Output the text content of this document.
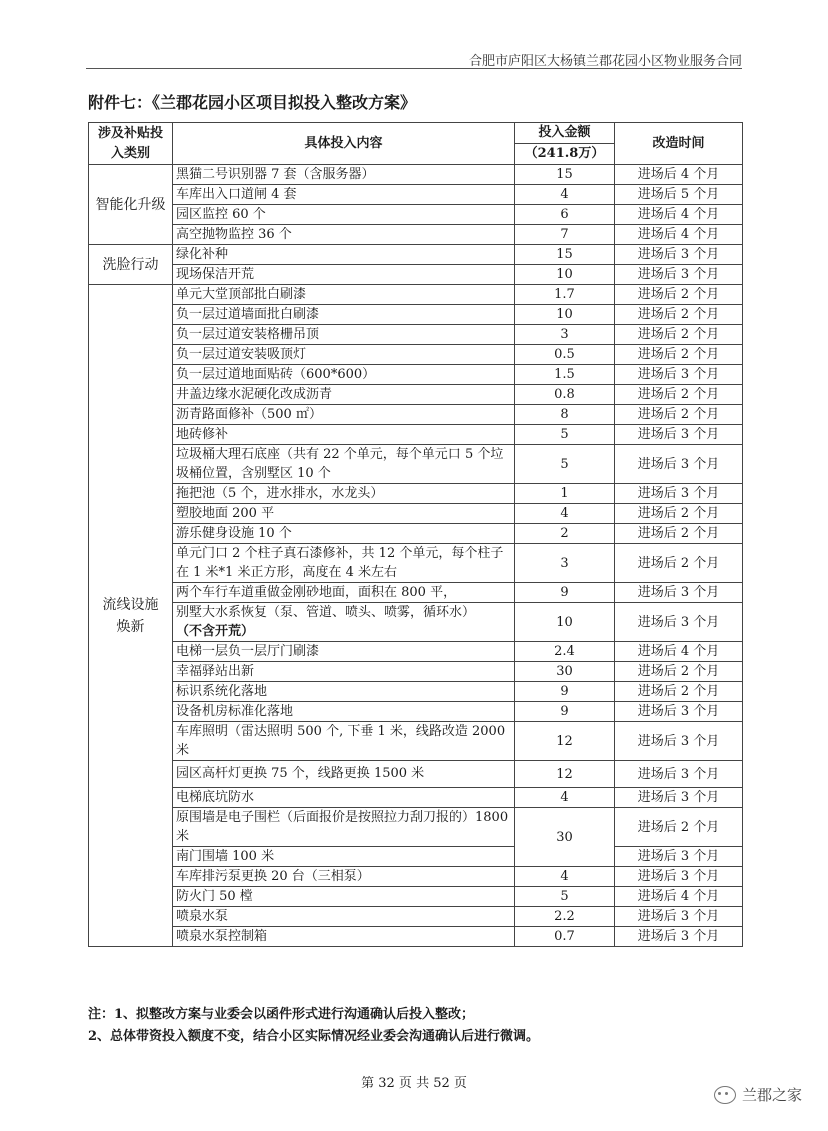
合肥市庐阳区大杨镇兰郡花园小区物业服务合同
附件七：《兰郡花园小区项目拟投入整改方案》
涉及补贴投入类别	具体投入内容	投入金额	改造时间
		（241.8万）	
智能化升级	黑猫二号识别器 7 套（含服务器）	15	进场后 4 个月
	车库出入口道闸 4 套	4	进场后 5 个月
	园区监控 60 个	6	进场后 4 个月
	高空抛物监控 36 个	7	进场后 4 个月
洗脸行动	绿化补种	15	进场后 3 个月
	现场保洁开荒	10	进场后 3 个月
流线设施焕新	单元大堂顶部批白刷漆	1.7	进场后 2 个月
	负一层过道墙面批白刷漆	10	进场后 2 个月
	负一层过道安装格栅吊顶	3	进场后 2 个月
	负一层过道安装吸顶灯	0.5	进场后 2 个月
	负一层过道地面贴砖（600*600）	1.5	进场后 3 个月
	井盖边缘水泥硬化改成沥青	0.8	进场后 2 个月
	沥青路面修补（500 ㎡）	8	进场后 2 个月
	地砖修补	5	进场后 3 个月
	垃圾桶大理石底座（共有 22 个单元，每个单元口 5 个垃圾桶位置，含别墅区 10 个	5	进场后 3 个月
	拖把池（5 个，进水排水，水龙头）	1	进场后 3 个月
	塑胶地面 200 平	4	进场后 2 个月
	游乐健身设施 10 个	2	进场后 2 个月
	单元门口 2 个柱子真石漆修补，共 12 个单元，每个柱子在 1 米*1 米正方形，高度在 4 米左右	3	进场后 2 个月
	两个车行车道重做金刚砂地面，面积在 800 平，	9	进场后 3 个月
	别墅大水系恢复（泵、管道、喷头、喷雾，循环水）
（不含开荒）	10	进场后 3 个月
	电梯一层负一层厅门刷漆	2.4	进场后 4 个月
	幸福驿站出新	30	进场后 2 个月
	标识系统化落地	9	进场后 2 个月
	设备机房标准化落地	9	进场后 3 个月
	车库照明（雷达照明 500 个, 下垂 1 米，线路改造 2000 米	12	进场后 3 个月
	园区高杆灯更换 75 个，线路更换 1500 米	12	进场后 3 个月
	电梯底坑防水	4	进场后 3 个月
	原围墙是电子围栏（后面报价是按照拉力刮刀报的）1800 米	30	进场后 2 个月
	南门围墙 100 米		进场后 3 个月
	车库排污泵更换 20 台（三相泵）	4	进场后 3 个月
	防火门 50 樘	5	进场后 4 个月
	喷泉水泵	2.2	进场后 3 个月
	喷泉水泵控制箱	0.7	进场后 3 个月
注：1、拟整改方案与业委会以函件形式进行沟通确认后投入整改；
2、总体带资投入额度不变，结合小区实际情况经业委会沟通确认后进行微调。
第 32 页 共 52 页
兰郡之家
